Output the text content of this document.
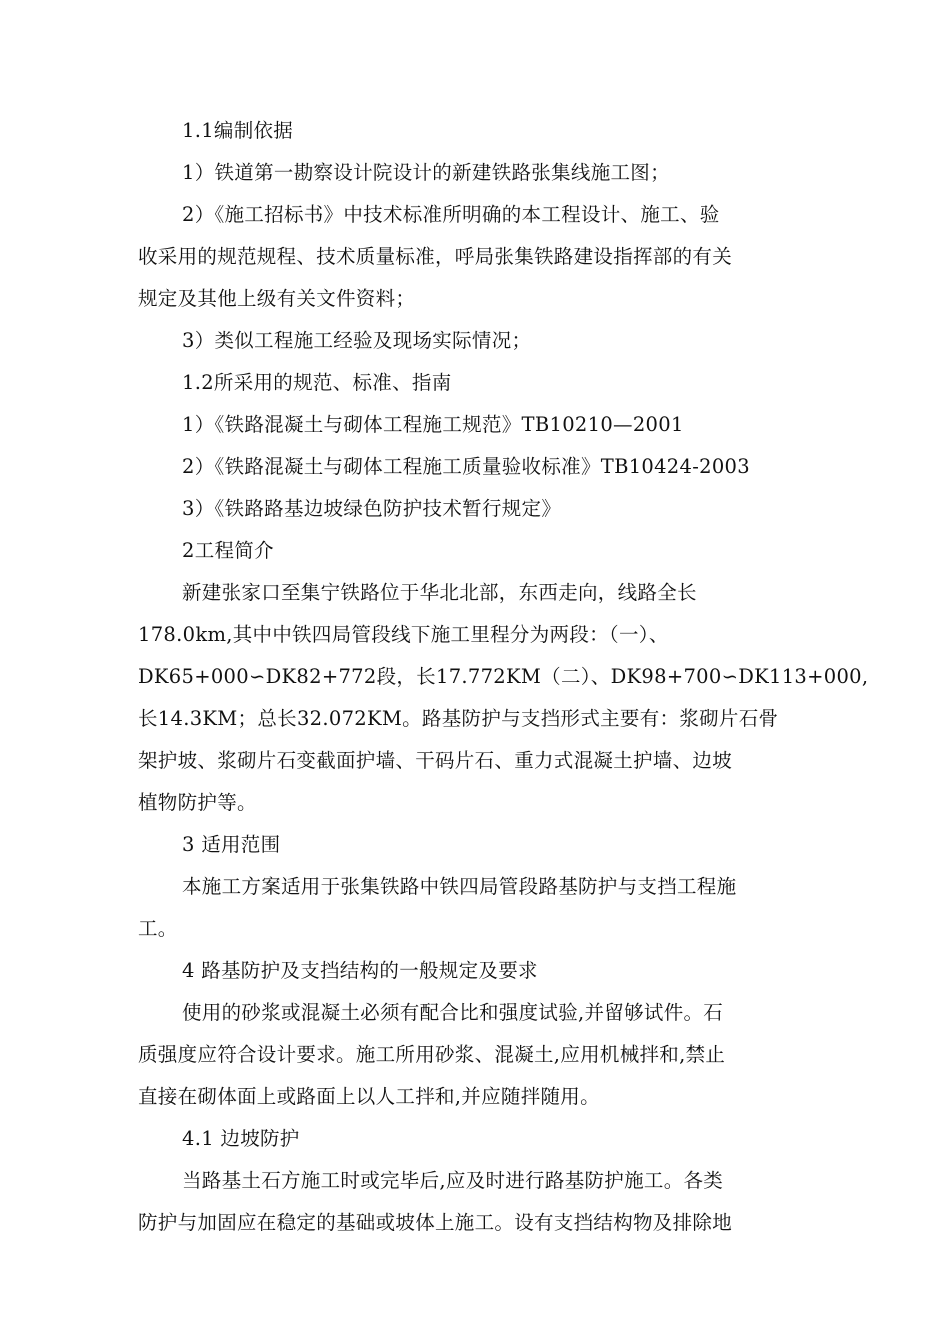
1.1编制依据
1）铁道第一勘察设计院设计的新建铁路张集线施工图；
2）《施工招标书》中技术标准所明确的本工程设计、施工、验
收采用的规范规程、技术质量标准，呼局张集铁路建设指挥部的有关
规定及其他上级有关文件资料；
3）类似工程施工经验及现场实际情况；
1.2所采用的规范、标准、指南
1）《铁路混凝土与砌体工程施工规范》TB10210—2001
2）《铁路混凝土与砌体工程施工质量验收标准》TB10424-2003
3）《铁路路基边坡绿色防护技术暂行规定》
2工程简介
新建张家口至集宁铁路位于华北北部，东西走向，线路全长
178.0km,其中中铁四局管段线下施工里程分为两段：（一）、
DK65+000∽DK82+772段，长17.772KM（二）、DK98+700∽DK113+000,
长14.3KM；总长32.072KM。路基防护与支挡形式主要有：浆砌片石骨
架护坡、浆砌片石变截面护墙、干码片石、重力式混凝土护墙、边坡
植物防护等。
3 适用范围
本施工方案适用于张集铁路中铁四局管段路基防护与支挡工程施
工。
4 路基防护及支挡结构的一般规定及要求
使用的砂浆或混凝土必须有配合比和强度试验,并留够试件。石
质强度应符合设计要求。施工所用砂浆、混凝土,应用机械拌和,禁止
直接在砌体面上或路面上以人工拌和,并应随拌随用。
4.1 边坡防护
当路基土石方施工时或完毕后,应及时进行路基防护施工。各类
防护与加固应在稳定的基础或坡体上施工。设有支挡结构物及排除地
